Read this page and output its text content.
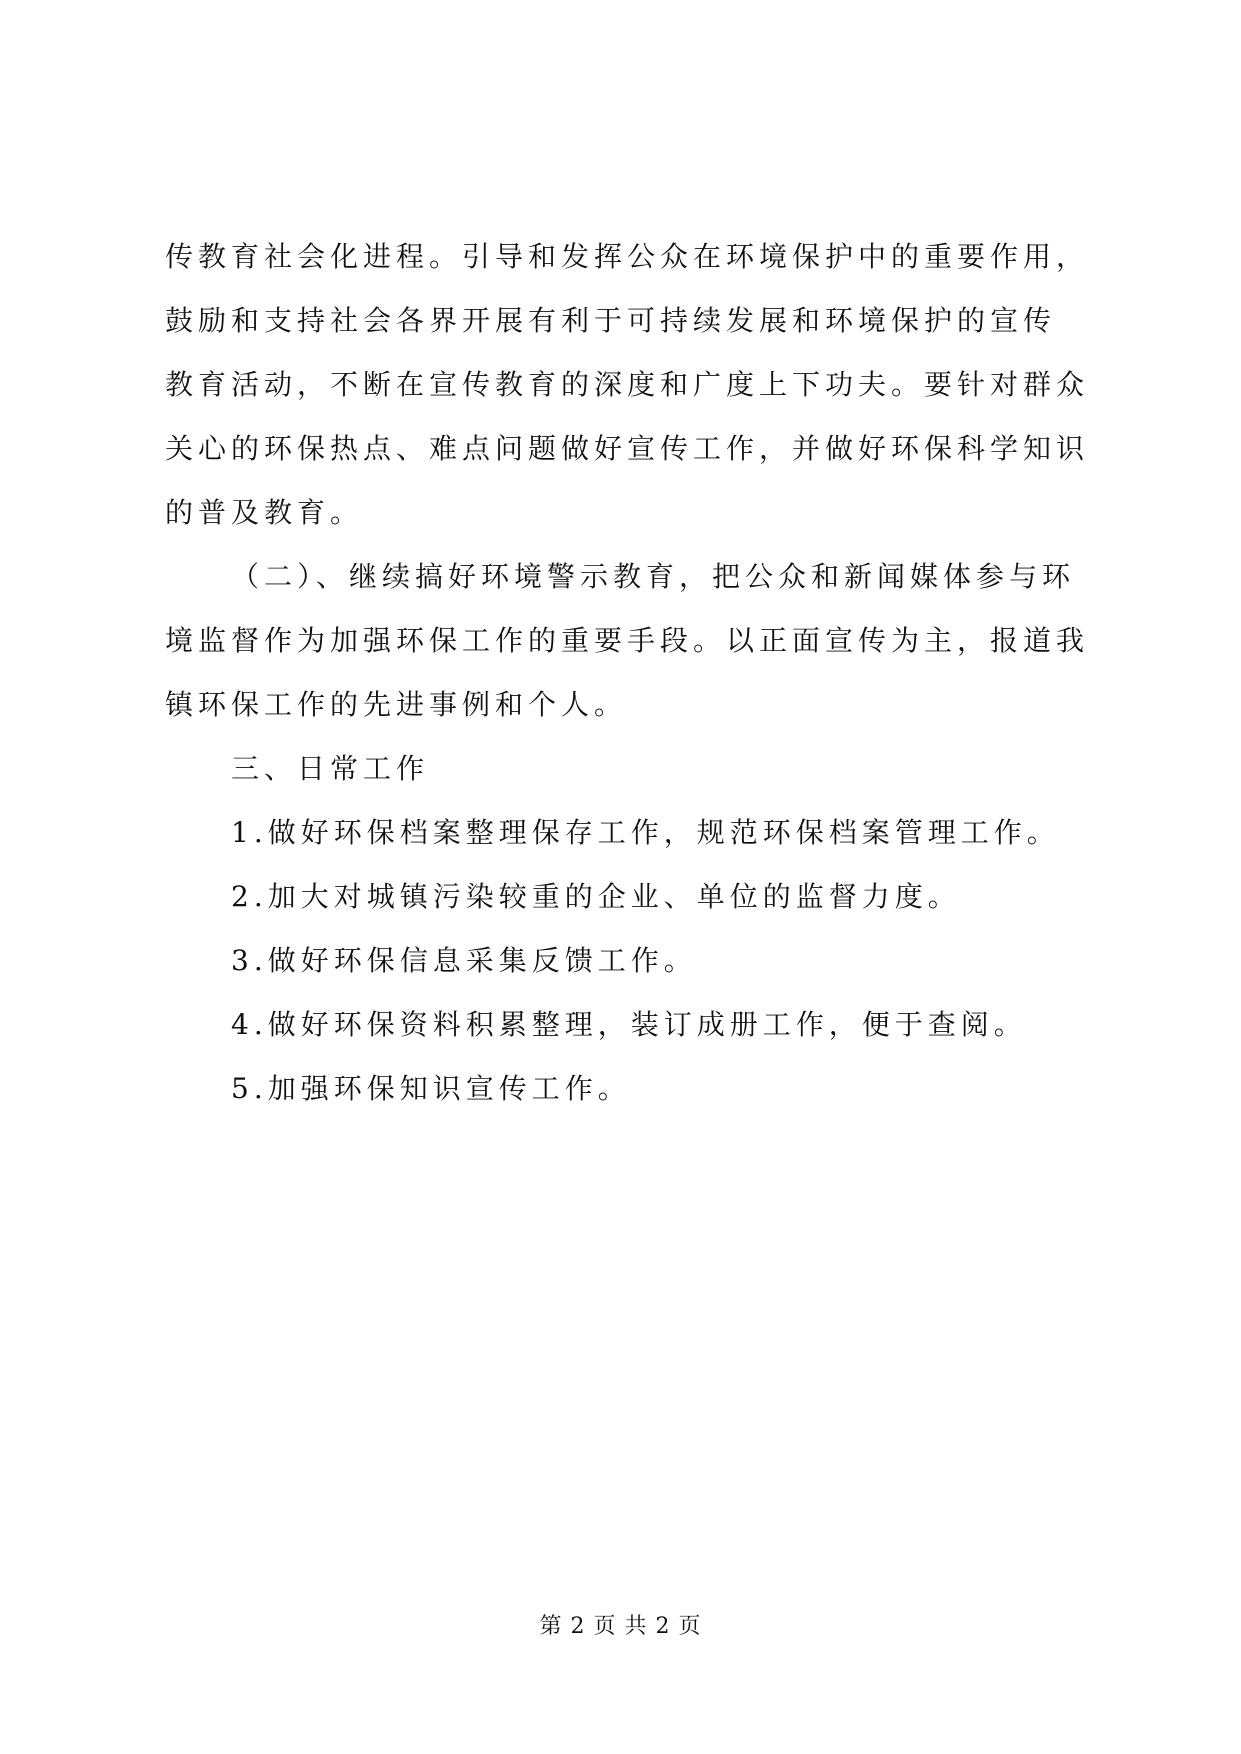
传教育社会化进程。引导和发挥公众在环境保护中的重要作用，
鼓励和支持社会各界开展有利于可持续发展和环境保护的宣传
教育活动，不断在宣传教育的深度和广度上下功夫。要针对群众
关心的环保热点、难点问题做好宣传工作，并做好环保科学知识
的普及教育。
（二）、继续搞好环境警示教育，把公众和新闻媒体参与环
境监督作为加强环保工作的重要手段。以正面宣传为主，报道我
镇环保工作的先进事例和个人。
三、日常工作
1.做好环保档案整理保存工作，规范环保档案管理工作。
2.加大对城镇污染较重的企业、单位的监督力度。
3.做好环保信息采集反馈工作。
4.做好环保资料积累整理，装订成册工作，便于查阅。
5.加强环保知识宣传工作。
第 2 页 共 2 页
